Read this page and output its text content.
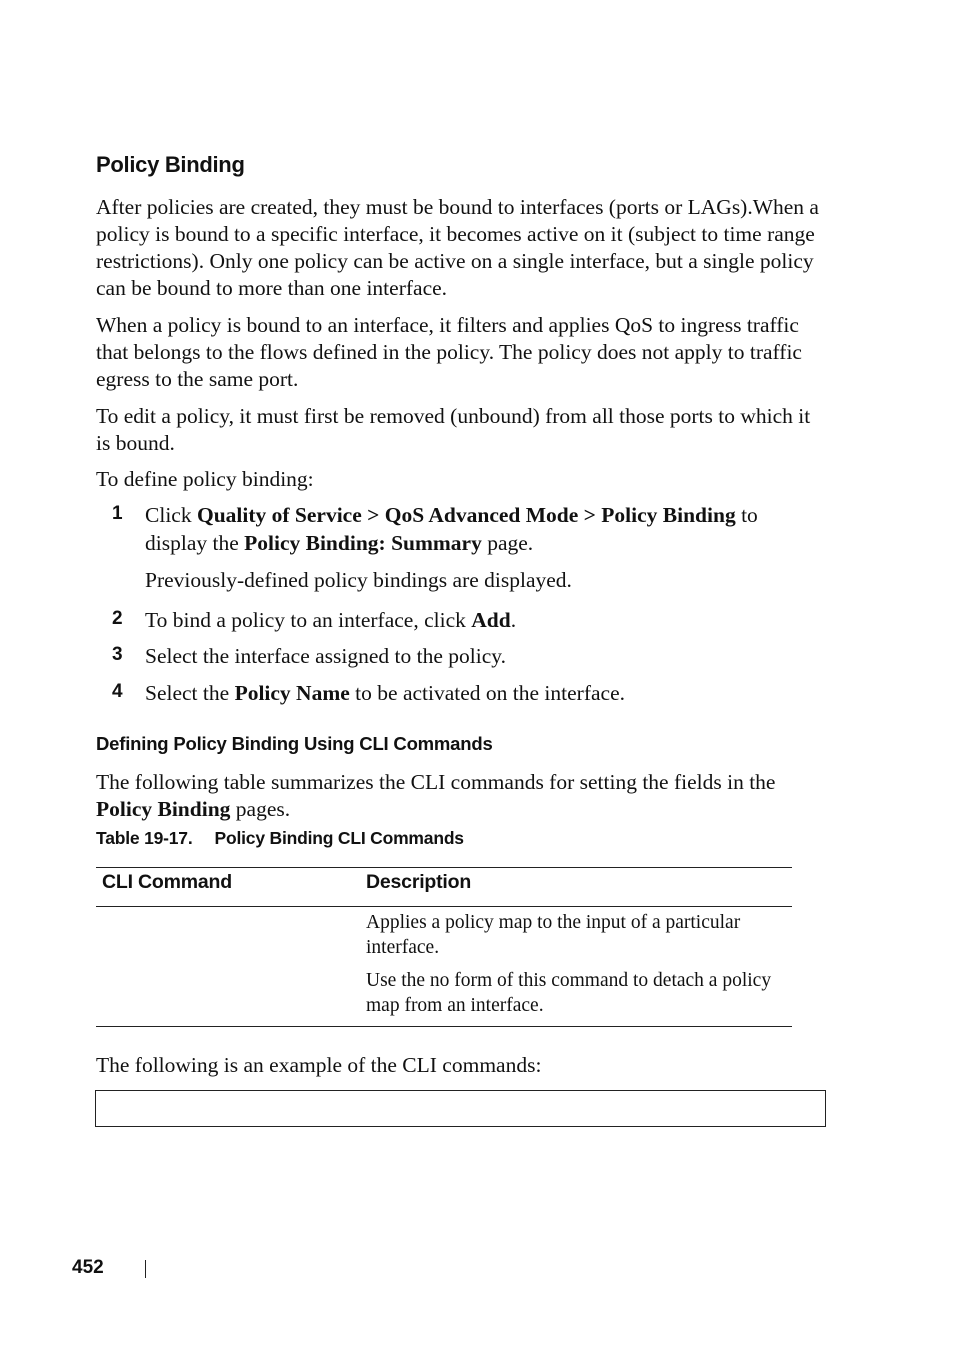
Policy Binding
After policies are created, they must be bound to interfaces (ports or LAGs).When a policy is bound to a specific interface, it becomes active on it (subject to time range restrictions). Only one policy can be active on a single interface, but a single policy can be bound to more than one interface.
When a policy is bound to an interface, it filters and applies QoS to ingress traffic that belongs to the flows defined in the policy. The policy does not apply to traffic egress to the same port.
To edit a policy, it must first be removed (unbound) from all those ports to which it is bound.
To define policy binding:
1 Click Quality of Service > QoS Advanced Mode > Policy Binding to display the Policy Binding: Summary page.
Previously-defined policy bindings are displayed.
2 To bind a policy to an interface, click Add.
3 Select the interface assigned to the policy.
4 Select the Policy Name to be activated on the interface.
Defining Policy Binding Using CLI Commands
The following table summarizes the CLI commands for setting the fields in the Policy Binding pages.
Table 19-17. Policy Binding CLI Commands
CLI Command	Description
Applies a policy map to the input of a particular interface.
Use the no form of this command to detach a policy map from an interface.
The following is an example of the CLI commands:
452
